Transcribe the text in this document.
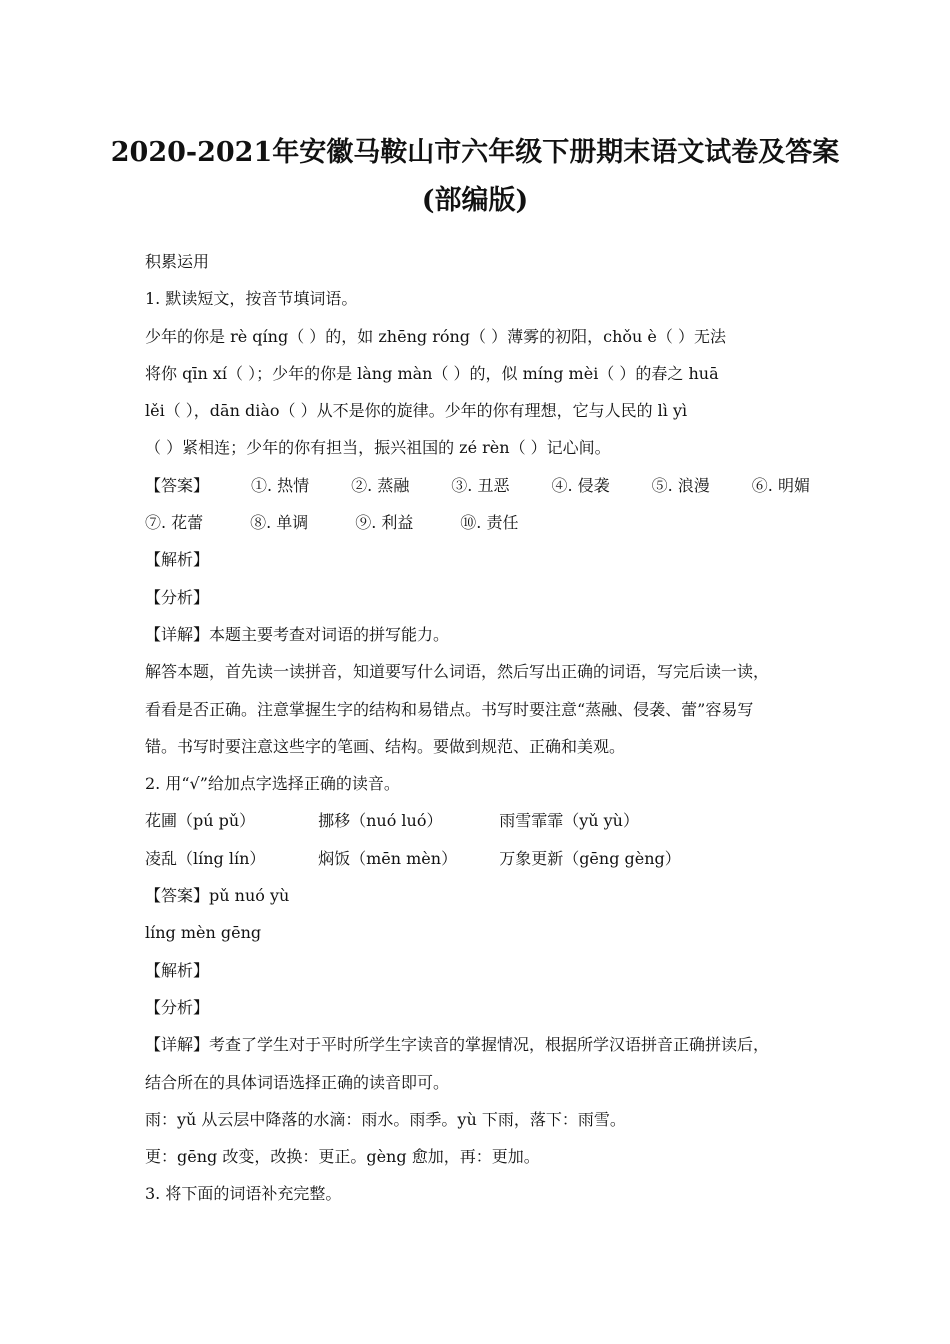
2020-2021年安徽马鞍山市六年级下册期末语文试卷及答案
(部编版)
积累运用
1. 默读短文，按音节填词语。
少年的你是 rè qíng（ ）的，如 zhēng róng（ ）薄雾的初阳，chǒu è（ ）无法
将你 qīn xí（ ）；少年的你是 làng màn（ ）的，似 míng mèi（ ）的春之 huā
lěi（ ），dān diào（ ）从不是你的旋律。少年的你有理想，它与人民的 lì yì
（ ）紧相连；少年的你有担当，振兴祖国的 zé rèn（ ）记心间。
【答案】	①. 热情	②. 蒸融	③. 丑恶	④. 侵袭	⑤. 浪漫	⑥. 明媚
⑦. 花蕾	⑧. 单调	⑨. 利益	⑩. 责任
【解析】
【分析】
【详解】本题主要考查对词语的拼写能力。
解答本题，首先读一读拼音，知道要写什么词语，然后写出正确的词语，写完后读一读，
看看是否正确。注意掌握生字的结构和易错点。书写时要注意“蒸融、侵袭、蕾”容易写
错。书写时要注意这些字的笔画、结构。要做到规范、正确和美观。
2. 用“√”给加点字选择正确的读音。
花圃（pú pǔ）	挪移（nuó luó）	雨雪霏霏（yǔ yù）
凌乱（líng lín）	焖饭（mēn mèn）	万象更新（gēng gèng）
【答案】pǔ nuó yù
líng mèn gēng
【解析】
【分析】
【详解】考查了学生对于平时所学生字读音的掌握情况，根据所学汉语拼音正确拼读后，
结合所在的具体词语选择正确的读音即可。
雨：yǔ 从云层中降落的水滴：雨水。雨季。yù 下雨，落下：雨雪。
更：gēng 改变，改换：更正。gèng 愈加，再：更加。
3. 将下面的词语补充完整。
